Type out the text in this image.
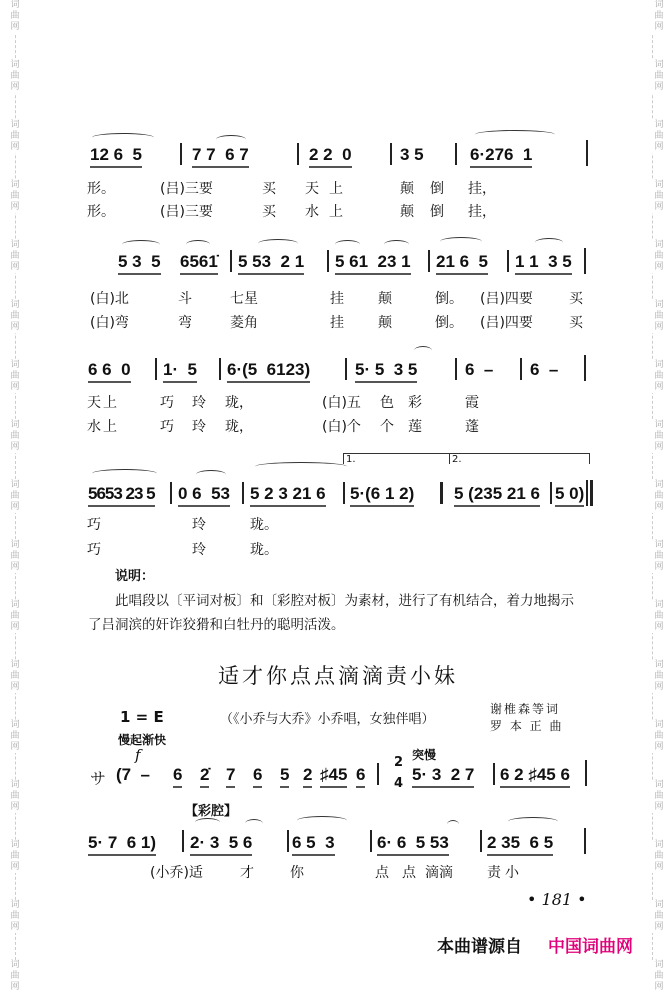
词曲网
词曲网
词曲网
词曲网
词曲网
词曲网
词曲网
词曲网
词曲网
词曲网
词曲网
词曲网
词曲网
词曲网
词曲网
词曲网
词曲网
词曲网
词曲网
词曲网
词曲网
词曲网
词曲网
词曲网
词曲网
词曲网
词曲网
词曲网
词曲网
词曲网
词曲网
词曲网
词曲网
词曲网
12 6  5	7 7  6 7	2 2  0	3 5	6·276  1
形。	(吕)三要	买 天上	颠 倒 挂，
形。	(吕)三要	买 水上	颠 倒 挂，
5 3  5 6561̇ 5 53  2 1 5 61  23 1 21 6  5 1 1  3 5
(白)北	斗	七星	挂 颠	倒。 (吕)四要	买
(白)弯	弯	菱角	挂 颠	倒。 (吕)四要	买
6 6  0 1·  5 6·(5  6123)	5· 5  3 5	6  – 6  –
天上	巧 玲 珑，	(白)五 色 彩	霞
水上	巧 玲 珑，	(白)个 个 莲	蓬
1.	2.
5653 23 5 0 6  53 5 2 3 21 6 5·(6 1 2) 5 (235 21 6 5 0)
巧	玲	珑。
巧	玲	珑。
说明：
此唱段以〔平词对板〕和〔彩腔对板〕为素材，进行了有机结合，着力地揭示
了吕洞滨的奸诈狡猾和白牡丹的聪明活泼。
适才你点点滴滴责小妹
1 = E	（《小乔与大乔》小乔唱，女独伴唱）
谢椎森等词
罗 本 正 曲
慢起渐快
f	突慢
サ (7  – 6 2̇ 7 6 5 2 ♯45 6
2
4 5· 3  2 7 6 2 ♯45 6
【彩腔】
5· 7  6 1) 2· 3  5 6 6 5  3 6· 6  5 53 2 35  6 5
(小乔)适	才	你	点 点 滴滴 责小
• 181 •
本曲谱源自 中国词曲网
